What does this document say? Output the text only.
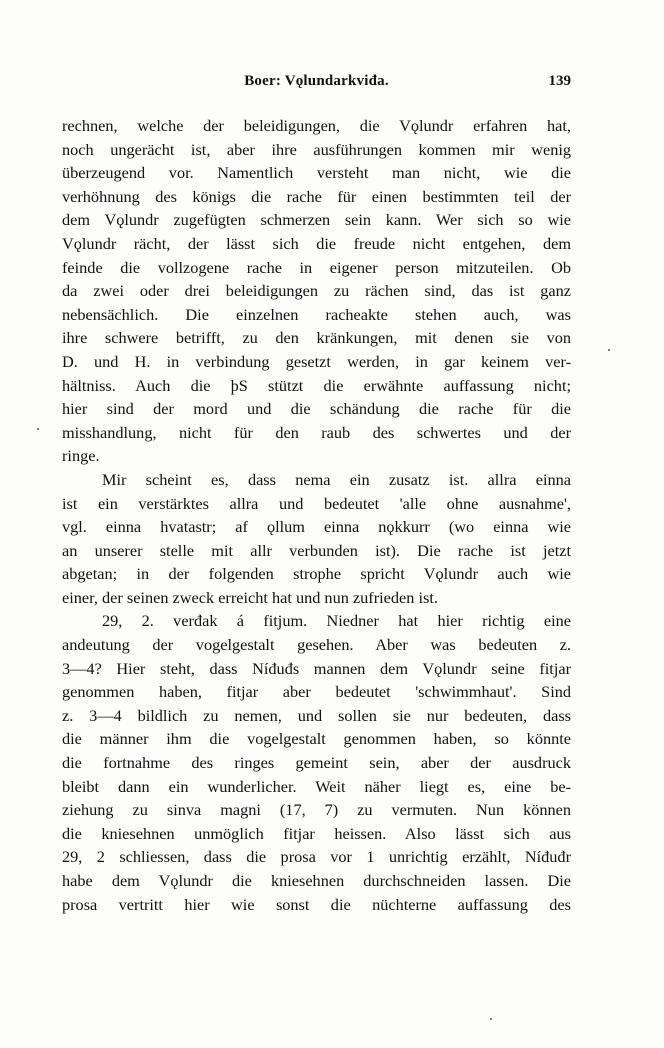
Boer: Vǫlundarkviđa.	139
rechnen, welche der beleidigungen, die Vǫlundr erfahren hat,
noch ungerächt ist, aber ihre ausführungen kommen mir wenig
überzeugend vor. Namentlich versteht man nicht, wie die
verhöhnung des königs die rache für einen bestimmten teil der
dem Vǫlundr zugefügten schmerzen sein kann. Wer sich so wie
Vǫlundr rächt, der lässt sich die freude nicht entgehen, dem
feinde die vollzogene rache in eigener person mitzuteilen. Ob
da zwei oder drei beleidigungen zu rächen sind, das ist ganz
nebensächlich. Die einzelnen racheakte stehen auch, was
ihre schwere betrifft, zu den kränkungen, mit denen sie von
D. und H. in verbindung gesetzt werden, in gar keinem ver-
hältniss. Auch die þS stützt die erwähnte auffassung nicht;
hier sind der mord und die schändung die rache für die
misshandlung, nicht für den raub des schwertes und der
ringe.
Mir scheint es, dass nema ein zusatz ist. allra einna
ist ein verstärktes allra und bedeutet 'alle ohne ausnahme',
vgl. einna hvatastr; af ǫllum einna nǫkkurr (wo einna wie
an unserer stelle mit allr verbunden ist). Die rache ist jetzt
abgetan; in der folgenden strophe spricht Vǫlundr auch wie
einer, der seinen zweck erreicht hat und nun zufrieden ist.
29, 2. verđak á fitjum. Niedner hat hier richtig eine
andeutung der vogelgestalt gesehen. Aber was bedeuten z.
3—4? Hier steht, dass Níđuđs mannen dem Vǫlundr seine fitjar
genommen haben, fitjar aber bedeutet 'schwimmhaut'. Sind
z. 3—4 bildlich zu nemen, und sollen sie nur bedeuten, dass
die männer ihm die vogelgestalt genommen haben, so könnte
die fortnahme des ringes gemeint sein, aber der ausdruck
bleibt dann ein wunderlicher. Weit näher liegt es, eine be-
ziehung zu sinva magni (17, 7) zu vermuten. Nun können
die kniesehnen unmöglich fitjar heissen. Also lässt sich aus
29, 2 schliessen, dass die prosa vor 1 unrichtig erzählt, Níđuđr
habe dem Vǫlundr die kniesehnen durchschneiden lassen. Die
prosa vertritt hier wie sonst die nüchterne auffassung des
